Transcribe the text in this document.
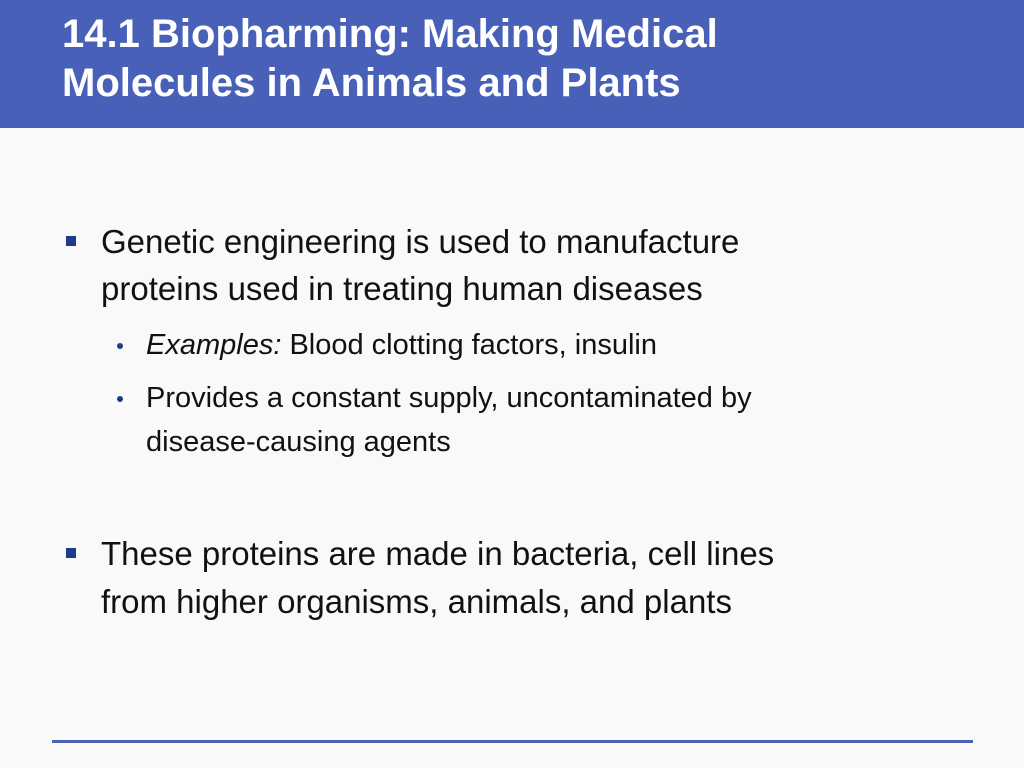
14.1 Biopharming: Making Medical
Molecules in Animals and Plants

Genetic engineering is used to manufacture

proteins used in treating human diseases

Examples: Blood clotting factors, insulin

Provides a constant supply, uncontaminated by

disease-causing agents

These proteins are made in bacteria, cell lines

from higher organisms, animals, and plants
